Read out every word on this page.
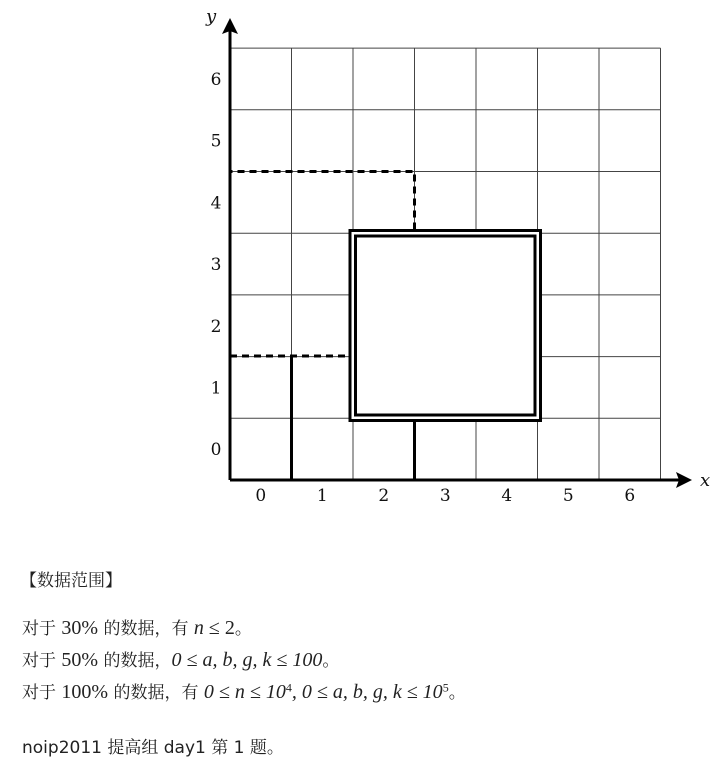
x
y
0	1	2	3	4	5	6
0
1
2
3
4
5
6
【数据范围】
对于 30% 的数据，有 n ≤ 2。
对于 50% 的数据，0 ≤ a, b, g, k ≤ 100。
对于 100% 的数据，有 $0 \le n \le 10^4$, 0 ≤ a, b, g, $k \le 10^5$。
noip2011 提高组 day1 第 1 题。
